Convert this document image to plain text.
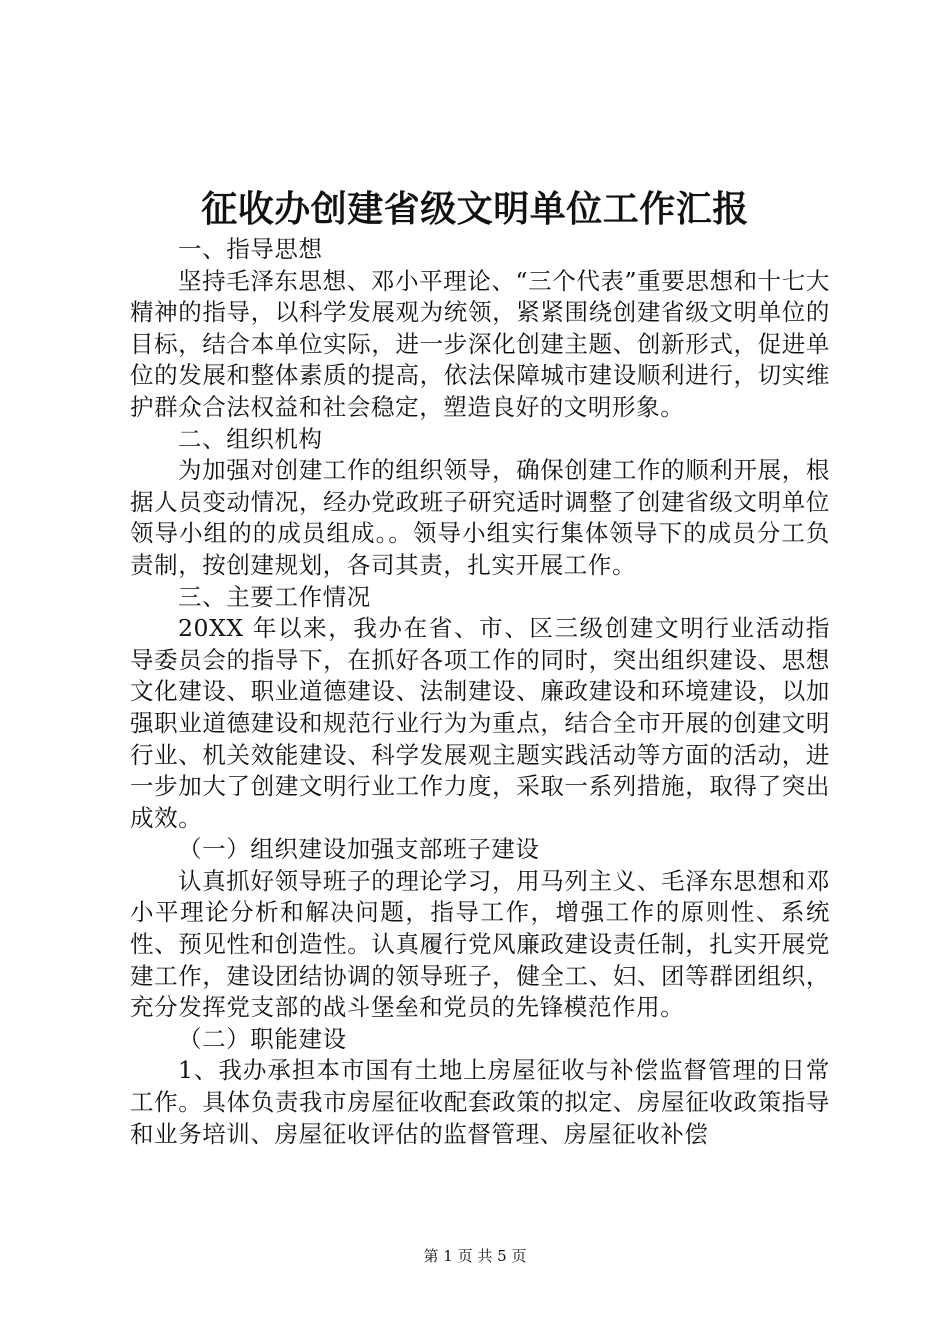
征收办创建省级文明单位工作汇报

一、指导思想

坚持毛泽东思想、邓小平理论、“三个代表”重要思想和十七大精神的指导，以科学发展观为统领，紧紧围绕创建省级文明单位的目标，结合本单位实际，进一步深化创建主题、创新形式，促进单位的发展和整体素质的提高，依法保障城市建设顺利进行，切实维护群众合法权益和社会稳定，塑造良好的文明形象。

二、组织机构

为加强对创建工作的组织领导，确保创建工作的顺利开展，根据人员变动情况，经办党政班子研究适时调整了创建省级文明单位领导小组的的成员组成。。领导小组实行集体领导下的成员分工负责制，按创建规划，各司其责，扎实开展工作。

三、主要工作情况

20XX 年以来，我办在省、市、区三级创建文明行业活动指导委员会的指导下，在抓好各项工作的同时，突出组织建设、思想文化建设、职业道德建设、法制建设、廉政建设和环境建设，以加强职业道德建设和规范行业行为为重点，结合全市开展的创建文明行业、机关效能建设、科学发展观主题实践活动等方面的活动，进一步加大了创建文明行业工作力度，采取一系列措施，取得了突出成效。

（一）组织建设加强支部班子建设

认真抓好领导班子的理论学习，用马列主义、毛泽东思想和邓小平理论分析和解决问题，指导工作，增强工作的原则性、系统性、预见性和创造性。认真履行党风廉政建设责任制，扎实开展党建工作，建设团结协调的领导班子，健全工、妇、团等群团组织，充分发挥党支部的战斗堡垒和党员的先锋模范作用。

（二）职能建设

1、我办承担本市国有土地上房屋征收与补偿监督管理的日常工作。具体负责我市房屋征收配套政策的拟定、房屋征收政策指导和业务培训、房屋征收评估的监督管理、房屋征收补偿

第 1 页 共 5 页
